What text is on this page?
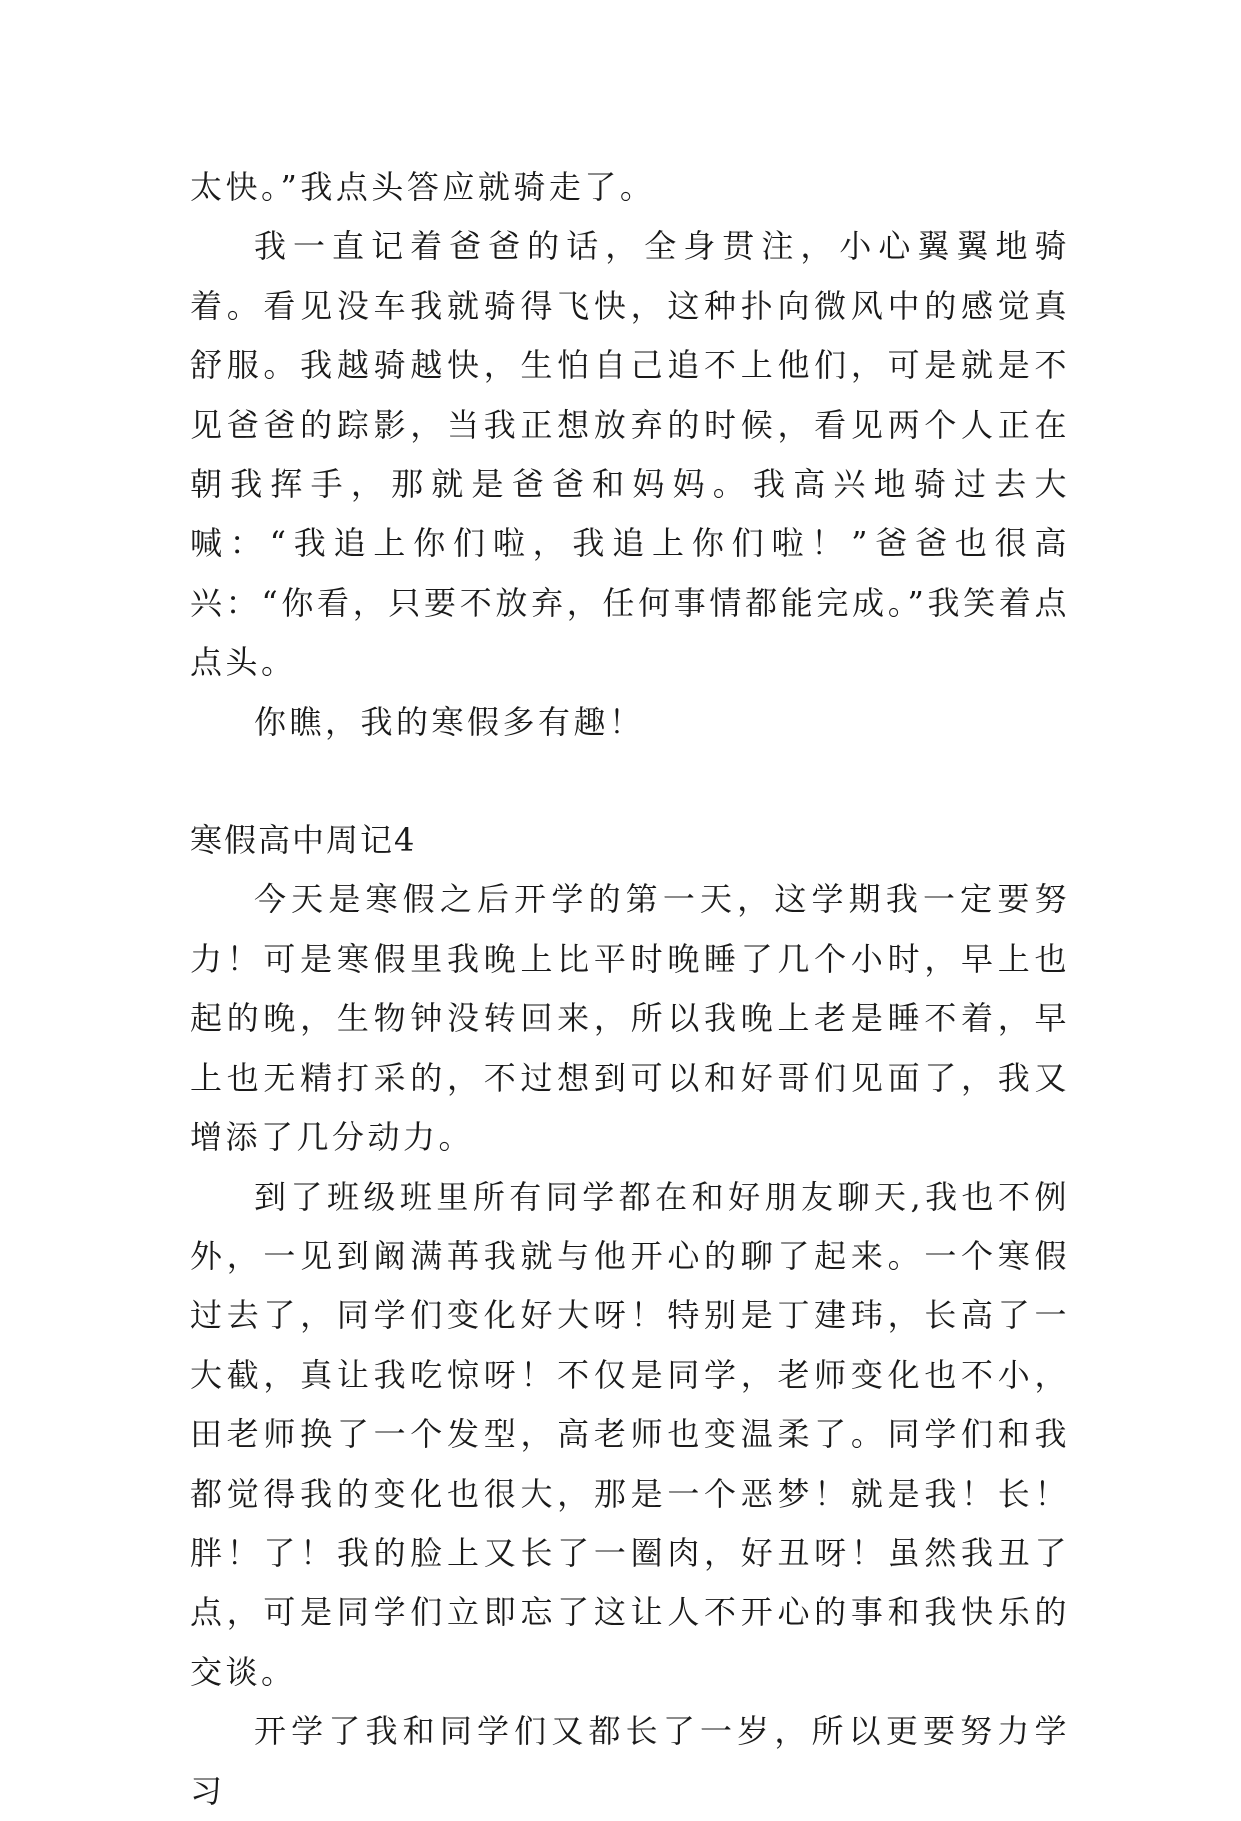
太快。”我点头答应就骑走了。

我一直记着爸爸的话，全身贯注，小心翼翼地骑着。看见没车我就骑得飞快，这种扑向微风中的感觉真舒服。我越骑越快，生怕自己追不上他们，可是就是不见爸爸的踪影，当我正想放弃的时候，看见两个人正在朝我挥手，那就是爸爸和妈妈。我高兴地骑过去大喊：“我追上你们啦，我追上你们啦！”爸爸也很高兴：“你看，只要不放弃，任何事情都能完成。”我笑着点点头。

你瞧，我的寒假多有趣！

寒假高中周记4

今天是寒假之后开学的第一天，这学期我一定要努力！可是寒假里我晚上比平时晚睡了几个小时，早上也起的晚，生物钟没转回来，所以我晚上老是睡不着，早上也无精打采的，不过想到可以和好哥们见面了，我又增添了几分动力。

到了班级班里所有同学都在和好朋友聊天,我也不例外，一见到阚满苒我就与他开心的聊了起来。一个寒假过去了，同学们变化好大呀！特别是丁建玮，长高了一大截，真让我吃惊呀！不仅是同学，老师变化也不小，田老师换了一个发型，高老师也变温柔了。同学们和我都觉得我的变化也很大，那是一个恶梦！就是我！长！胖！了！我的脸上又长了一圈肉，好丑呀！虽然我丑了点，可是同学们立即忘了这让人不开心的事和我快乐的交谈。

开学了我和同学们又都长了一岁，所以更要努力学习
